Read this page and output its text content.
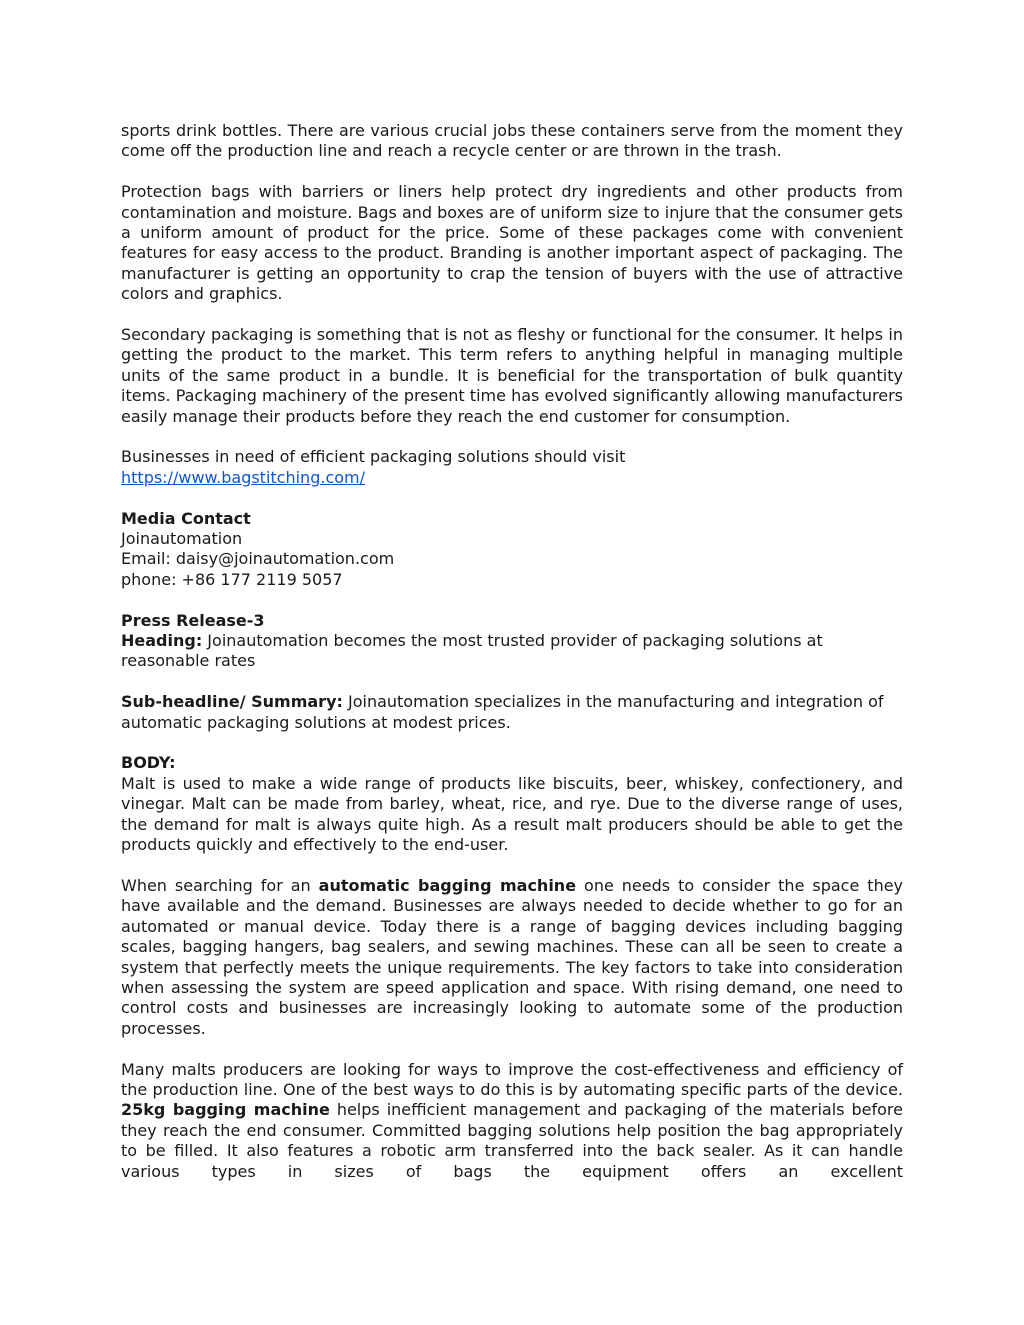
sports drink bottles. There are various crucial jobs these containers serve from the moment they come off the production line and reach a recycle center or are thrown in the trash.

Protection bags with barriers or liners help protect dry ingredients and other products from contamination and moisture. Bags and boxes are of uniform size to injure that the consumer gets a uniform amount of product for the price. Some of these packages come with convenient features for easy access to the product. Branding is another important aspect of packaging. The manufacturer is getting an opportunity to crap the tension of buyers with the use of attractive colors and graphics.

Secondary packaging is something that is not as fleshy or functional for the consumer. It helps in getting the product to the market. This term refers to anything helpful in managing multiple units of the same product in a bundle. It is beneficial for the transportation of bulk quantity items. Packaging machinery of the present time has evolved significantly allowing manufacturers easily manage their products before they reach the end customer for consumption.

Businesses in need of efficient packaging solutions should visit
https://www.bagstitching.com/

Media Contact
Joinautomation
Email: daisy@joinautomation.com
phone: +86 177 2119 5057

Press Release-3
Heading: Joinautomation becomes the most trusted provider of packaging solutions at reasonable rates

Sub-headline/ Summary: Joinautomation specializes in the manufacturing and integration of automatic packaging solutions at modest prices.

BODY:
Malt is used to make a wide range of products like biscuits, beer, whiskey, confectionery, and vinegar. Malt can be made from barley, wheat, rice, and rye. Due to the diverse range of uses, the demand for malt is always quite high. As a result malt producers should be able to get the products quickly and effectively to the end-user.

When searching for an automatic bagging machine one needs to consider the space they have available and the demand. Businesses are always needed to decide whether to go for an automated or manual device. Today there is a range of bagging devices including bagging scales, bagging hangers, bag sealers, and sewing machines. These can all be seen to create a system that perfectly meets the unique requirements. The key factors to take into consideration when assessing the system are speed application and space. With rising demand, one need to control costs and businesses are increasingly looking to automate some of the production processes.

Many malts producers are looking for ways to improve the cost-effectiveness and efficiency of the production line. One of the best ways to do this is by automating specific parts of the device. 25kg bagging machine helps inefficient management and packaging of the materials before they reach the end consumer. Committed bagging solutions help position the bag appropriately to be filled. It also features a robotic arm transferred into the back sealer. As it can handle various types in sizes of bags the equipment offers an excellent
